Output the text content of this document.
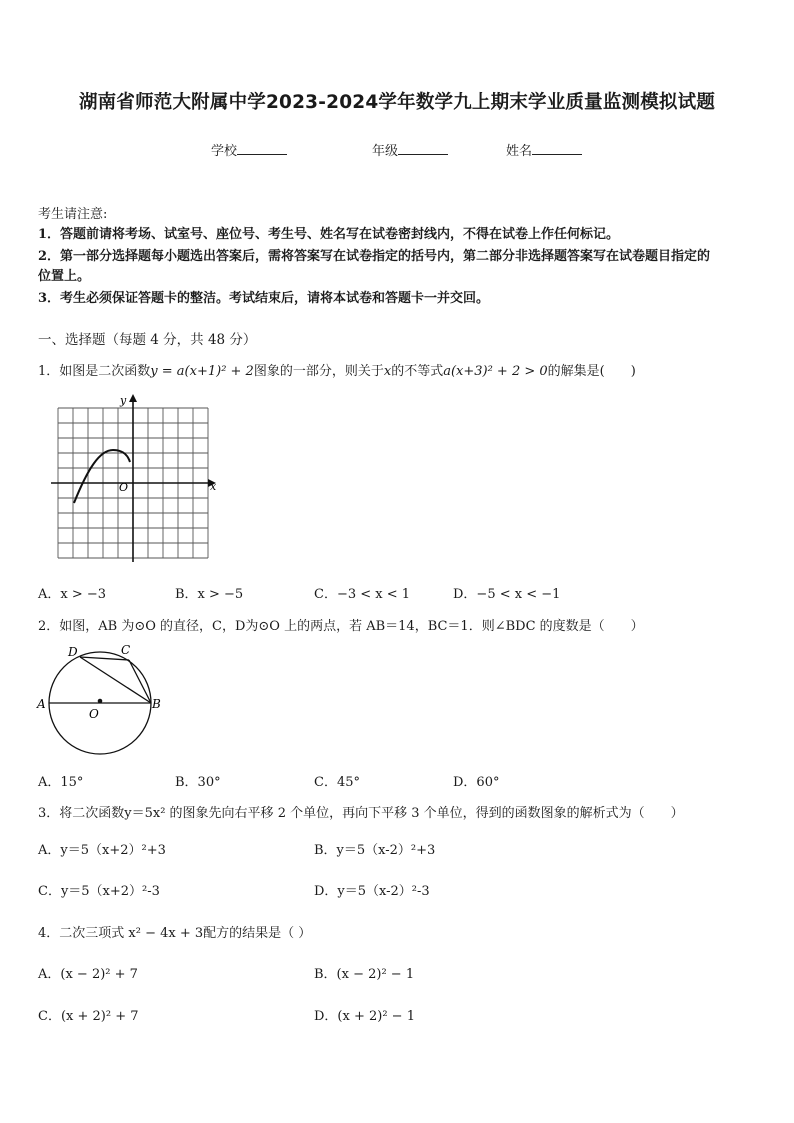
湖南省师范大附属中学2023-2024学年数学九上期末学业质量监测模拟试题
学校	年级	姓名
考生请注意:
1．答题前请将考场、试室号、座位号、考生号、姓名写在试卷密封线内，不得在试卷上作任何标记。
2．第一部分选择题每小题选出答案后，需将答案写在试卷指定的括号内，第二部分非选择题答案写在试卷题目指定的
位置上。
3．考生必须保证答题卡的整洁。考试结束后，请将本试卷和答题卡一并交回。
一、选择题（每题 4 分，共 48 分）
1．如图是二次函数y = a(x+1)² + 2图象的一部分，则关于x的不等式a(x+3)² + 2 > 0的解集是(　　)
y
x
O
A．x > −3	B．x > −5	C．−3 < x < 1	D．−5 < x < −1
2．如图，AB 为⊙O 的直径，C，D为⊙O 上的两点，若 AB＝14，BC＝1．则∠BDC 的度数是（　　）
A	B
C
D
O
A．15°	B．30°	C．45°	D．60°
3．将二次函数y＝5x² 的图象先向右平移 2 个单位，再向下平移 3 个单位，得到的函数图象的解析式为（　　）
A．y＝5（x+2）²+3	B．y＝5（x-2）²+3
C．y＝5（x+2）²-3	D．y＝5（x-2）²-3
4．二次三项式 x² − 4x + 3配方的结果是（ ）
A．(x − 2)² + 7	B．(x − 2)² − 1
C．(x + 2)² + 7	D．(x + 2)² − 1
